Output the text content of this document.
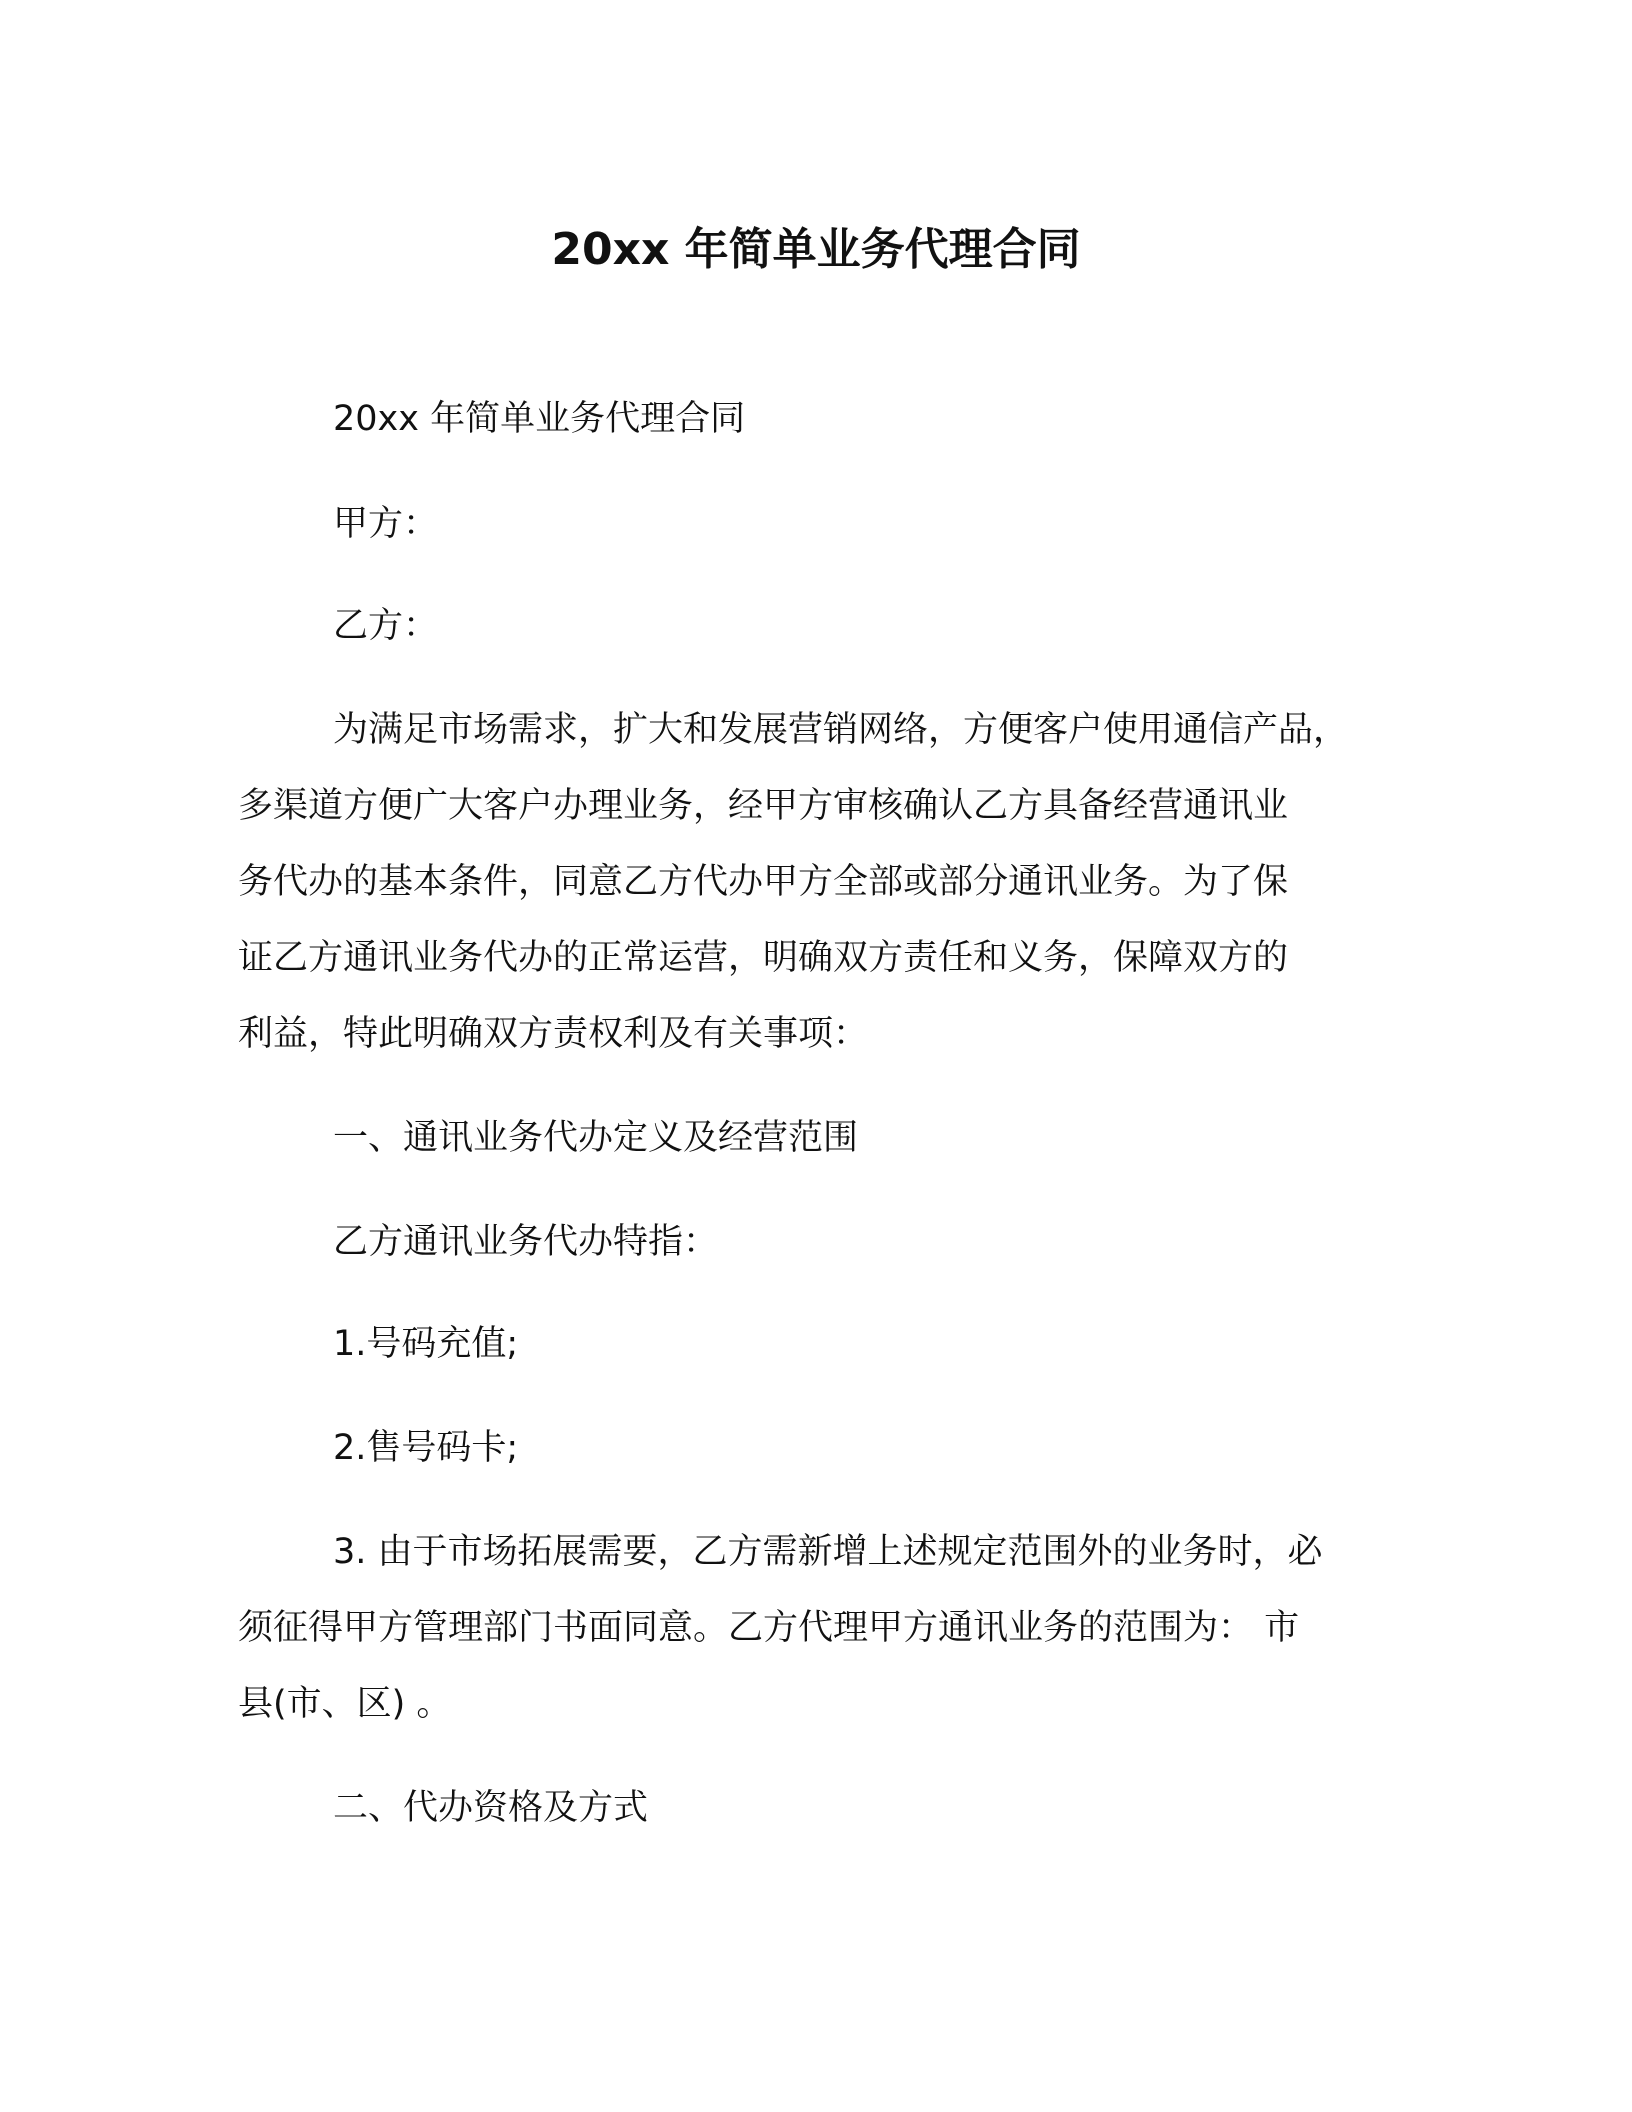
20xx 年简单业务代理合同

20xx 年简单业务代理合同

甲方：

乙方：

为满足市场需求，扩大和发展营销网络，方便客户使用通信产品，

多渠道方便广大客户办理业务，经甲方审核确认乙方具备经营通讯业

务代办的基本条件，同意乙方代办甲方全部或部分通讯业务。为了保

证乙方通讯业务代办的正常运营，明确双方责任和义务，保障双方的

利益，特此明确双方责权利及有关事项：

一、通讯业务代办定义及经营范围

乙方通讯业务代办特指：

1.号码充值;

2.售号码卡;

3. 由于市场拓展需要，乙方需新增上述规定范围外的业务时，必

须征得甲方管理部门书面同意。乙方代理甲方通讯业务的范围为： 市

县(市、区) 。

二、代办资格及方式
